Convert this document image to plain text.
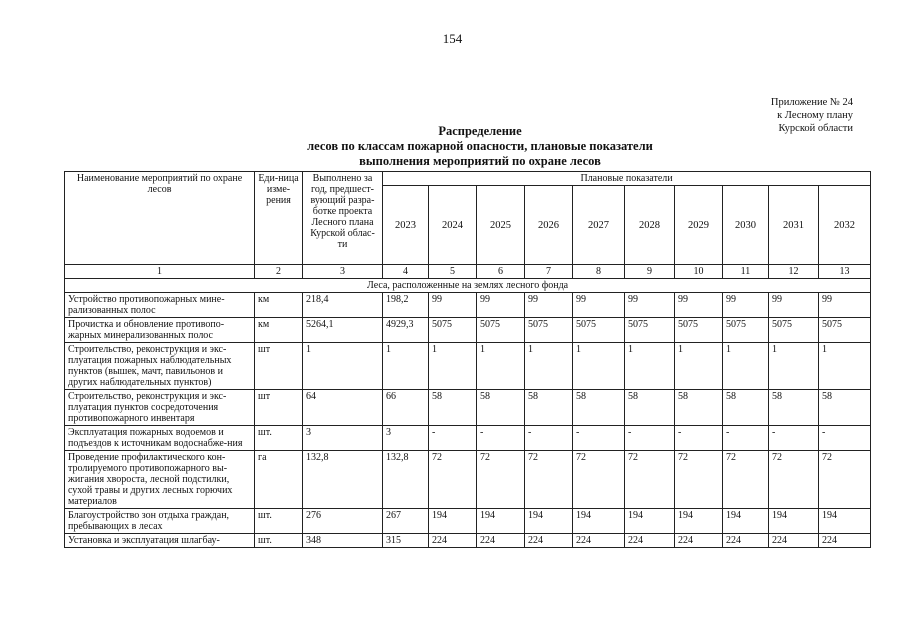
154
Приложение № 24
к Лесному плану
Курской области
Распределение
лесов по классам пожарной опасности, плановые показатели
выполнения мероприятий по охране лесов
Наименование мероприятий по охране лесов	Еди-ница изме-рения	Выполнено за год, предшест-вующий разра-ботке проекта Лесного плана Курской облас-ти	Плановые показатели									
			2023	2024	2025	2026	2027	2028	2029	2030	2031	2032
1	2	3	4	5	6	7	8	9	10	11	12	13
Леса, расположенные на землях лесного фонда												
Устройство противопожарных мине-рализованных полос	км	218,4	198,2	99	99	99	99	99	99	99	99	99
Прочистка и обновление противопо-жарных минерализованных полос	км	5264,1	4929,3	5075	5075	5075	5075	5075	5075	5075	5075	5075
Строительство, реконструкция и экс-плуатация пожарных наблюдательных пунктов (вышек, мачт, павильонов и других наблюдательных пунктов)	шт	1	1	1	1	1	1	1	1	1	1	1
Строительство, реконструкция и экс-плуатация пунктов сосредоточения противопожарного инвентаря	шт	64	66	58	58	58	58	58	58	58	58	58
Эксплуатация пожарных водоемов и подъездов к источникам водоснабже-ния	шт.	3	3	-	-	-	-	-	-	-	-	-
Проведение профилактического кон-тролируемого противопожарного вы-жигания хвороста, лесной подстилки, сухой травы и других лесных горючих материалов	га	132,8	132,8	72	72	72	72	72	72	72	72	72
Благоустройство зон отдыха граждан, пребывающих в лесах	шт.	276	267	194	194	194	194	194	194	194	194	194
Установка и эксплуатация шлагбау-	шт.	348	315	224	224	224	224	224	224	224	224	224
